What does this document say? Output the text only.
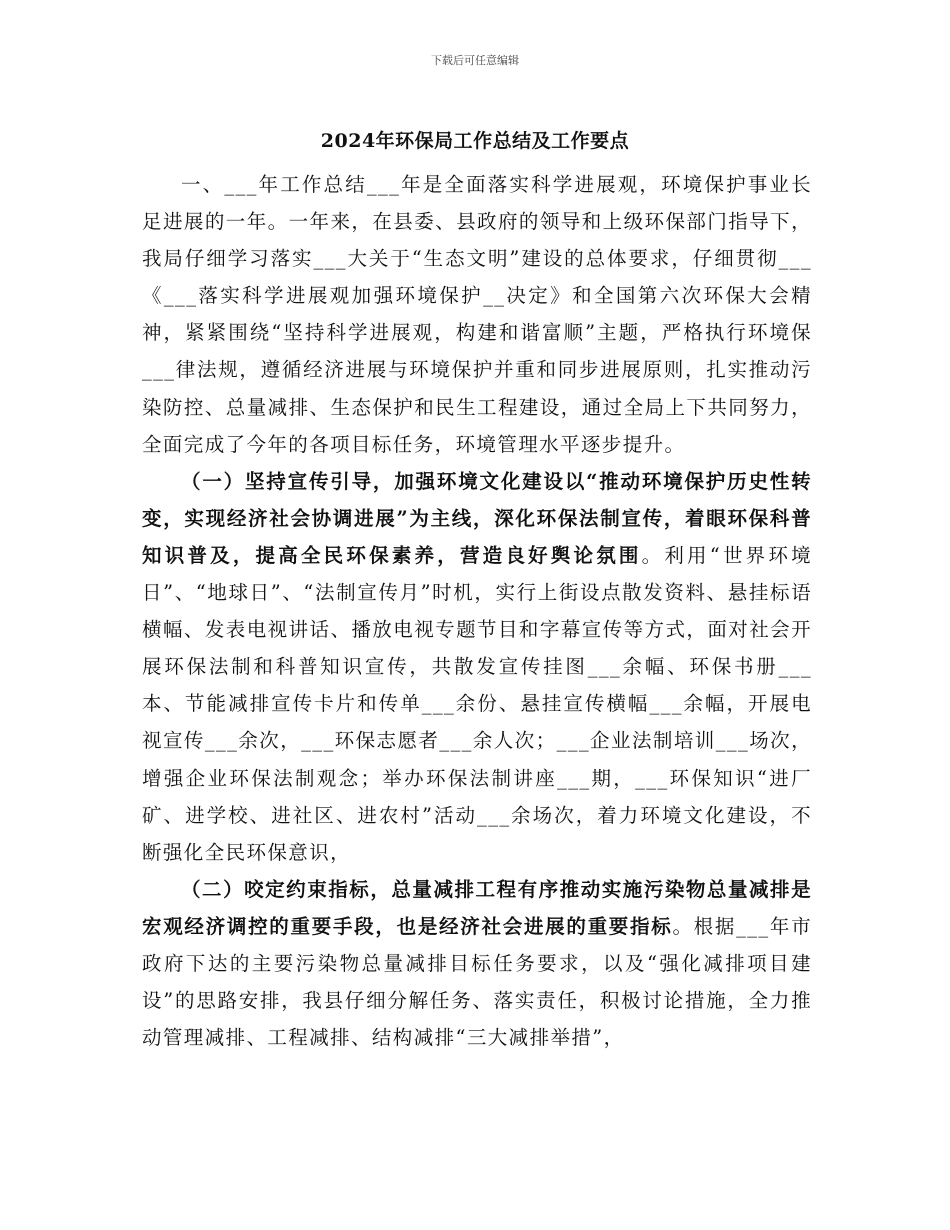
下载后可任意编辑
2024年环保局工作总结及工作要点

一、___年工作总结___年是全面落实科学进展观，环境保护事业长足进展的一年。一年来，在县委、县政府的领导和上级环保部门指导下，我局仔细学习落实___大关于“生态文明”建设的总体要求，仔细贯彻___《___落实科学进展观加强环境保护__决定》和全国第六次环保大会精神，紧紧围绕“坚持科学进展观，构建和谐富顺”主题，严格执行环境保___律法规，遵循经济进展与环境保护并重和同步进展原则，扎实推动污染防控、总量减排、生态保护和民生工程建设，通过全局上下共同努力，全面完成了今年的各项目标任务，环境管理水平逐步提升。

（一）坚持宣传引导，加强环境文化建设以“推动环境保护历史性转变，实现经济社会协调进展”为主线，深化环保法制宣传，着眼环保科普知识普及，提高全民环保素养，营造良好舆论氛围。利用“世界环境日”、“地球日”、“法制宣传月”时机，实行上街设点散发资料、悬挂标语横幅、发表电视讲话、播放电视专题节目和字幕宣传等方式，面对社会开展环保法制和科普知识宣传，共散发宣传挂图___余幅、环保书册___本、节能减排宣传卡片和传单___余份、悬挂宣传横幅___余幅，开展电视宣传___余次，___环保志愿者___余人次；___企业法制培训___场次，增强企业环保法制观念；举办环保法制讲座___期，___环保知识“进厂矿、进学校、进社区、进农村”活动___余场次，着力环境文化建设，不断强化全民环保意识，

（二）咬定约束指标，总量减排工程有序推动实施污染物总量减排是宏观经济调控的重要手段，也是经济社会进展的重要指标。根据___年市政府下达的主要污染物总量减排目标任务要求，以及“强化减排项目建设”的思路安排，我县仔细分解任务、落实责任，积极讨论措施，全力推动管理减排、工程减排、结构减排“三大减排举措”，
